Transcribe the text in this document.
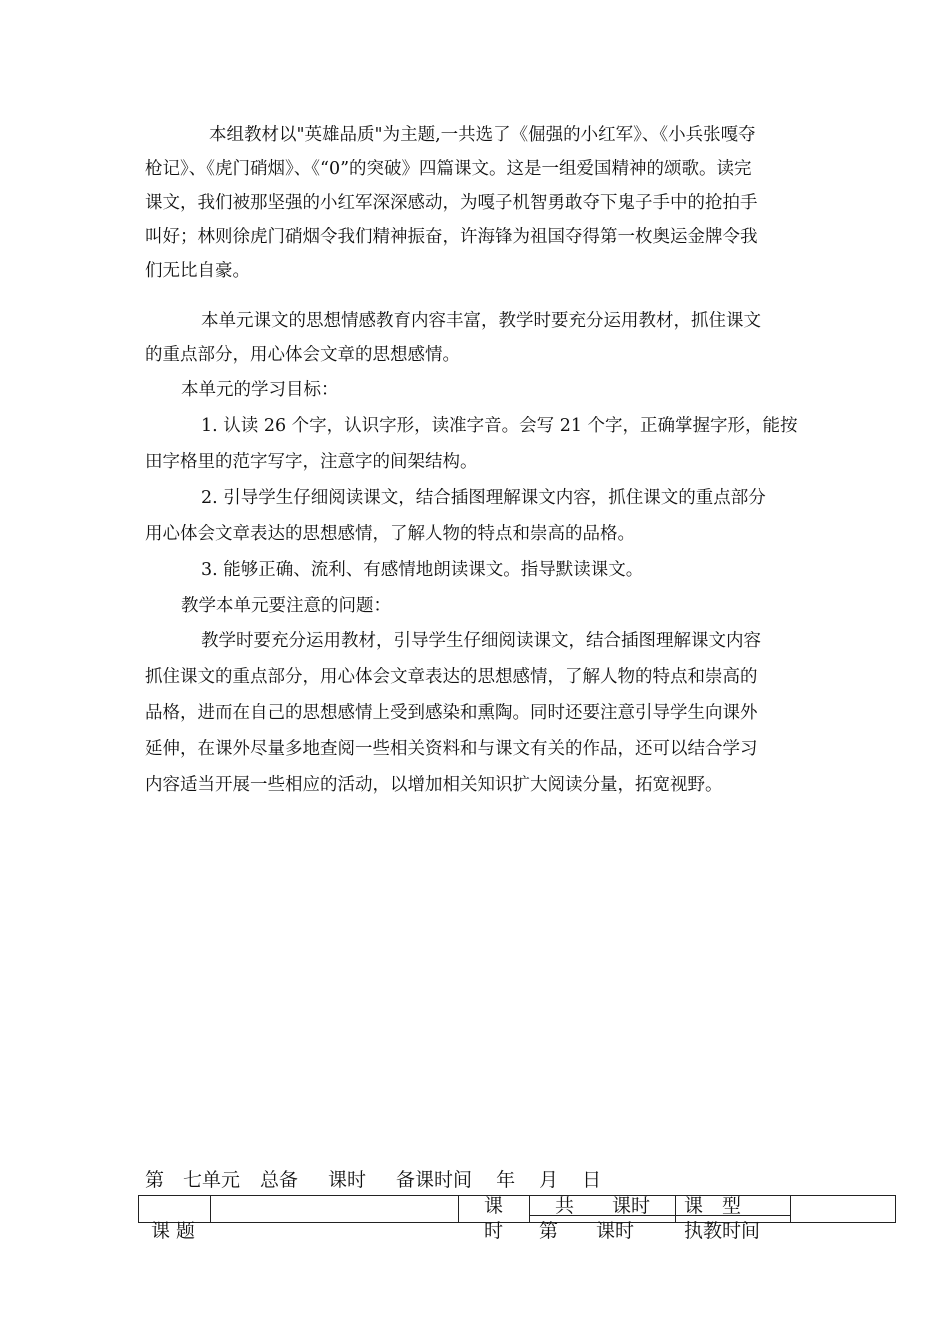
本组教材以"英雄品质"为主题,一共选了《倔强的小红军》、《小兵张嘎夺
枪记》、《虎门硝烟》、《“0”的突破》四篇课文。这是一组爱国精神的颂歌。读完
课文，我们被那坚强的小红军深深感动，为嘎子机智勇敢夺下鬼子手中的抢拍手
叫好；林则徐虎门硝烟令我们精神振奋，许海锋为祖国夺得第一枚奥运金牌令我
们无比自豪。
本单元课文的思想情感教育内容丰富，教学时要充分运用教材，抓住课文
的重点部分，用心体会文章的思想感情。
本单元的学习目标：
1. 认读 26 个字，认识字形，读准字音。会写 21 个字，正确掌握字形，能按
田字格里的范字写字，注意字的间架结构。
2. 引导学生仔细阅读课文，结合插图理解课文内容，抓住课文的重点部分
用心体会文章表达的思想感情，了解人物的特点和崇高的品格。
3. 能够正确、流利、有感情地朗读课文。指导默读课文。
教学本单元要注意的问题：
教学时要充分运用教材，引导学生仔细阅读课文，结合插图理解课文内容
抓住课文的重点部分，用心体会文章表达的思想感情，了解人物的特点和崇高的
品格，进而在自己的思想感情上受到感染和熏陶。同时还要注意引导学生向课外
延伸，在课外尽量多地查阅一些相关资料和与课文有关的作品，还可以结合学习
内容适当开展一些相应的活动，以增加相关知识扩大阅读分量，拓宽视野。
第　七单元 总备 课时 备课时间 年 月 日
课 题
课
时
共　　课时
第　　课时
课　型
执教时间
